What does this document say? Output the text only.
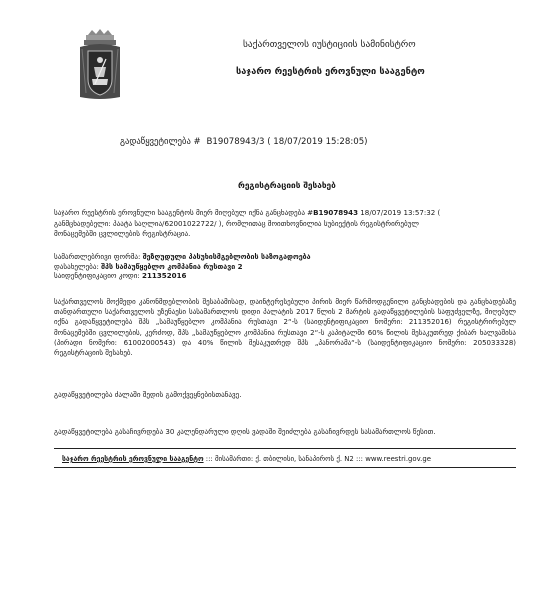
საქართველოს იუსტიციის სამინისტრო
საჯარო რეესტრის ეროვნული სააგენტო
გადაწყვეტილება # B19078943/3 ( 18/07/2019 15:28:05)
რეგისტრაციის შესახებ
საჯარო რეესტრის ეროვნული სააგენტოს მიერ მიღებულ იქნა განცხადება #B19078943 18/07/2019 13:57:32 (
განმცხადებელი: პაატა საღლია/62001022722/ ), რომლითაც მოითხოვნილია სუბიექტის რეგისტრირებულ
მონაცემებში ცვლილების რეგისტრაცია.
სამართლებრივი ფორმა: შეზღუდული პასუხისმგებლობის საზოგადოება
დასახელება: შპს სამაუწყებლო კომპანია რუსთავი 2
საიდენტიფიკაციო კოდი: 211352016
საქართველოს მოქმედი კანონმდებლობის შესაბამისად, დაინტერესებული პირის მიერ წარმოდგენილი განცხადების და განცხადებაზე თანდართული საქართველოს უზენაესი სასამართლოს დიდი პალატის 2017 წლის 2 მარტის გადაწყვეტილების საფუძველზე, მიღებულ იქნა გადაწყვეტილება შპს „სამაუწყებლო კომპანია რუსთავი 2“-ს (საიდენტიფიკაციო ნომერი: 211352016) რეგისტრირებულ მონაცემებში ცვლილების, კერძოდ, შპს „სამაუწყებლო კომპანია რუსთავი 2“-ს კაპიტალში 60% წილის მესაკუთრედ ქიბარ ხალვაშისა (პირადი ნომერი: 61002000543) და 40% წილის მესაკუთრედ შპს „პანორამა“-ს (საიდენტიფიკაციო ნომერი: 205033328) რეგისტრაციის შესახებ.
გადაწყვეტილება ძალაში შედის გამოქვეყნებისთანავე.
გადაწყვეტილება გასაჩივრდება 30 კალენდარული დღის ვადაში შეიძლება გასაჩივრდეს სასამართლოს წესით.
საჯარო რეესტრის ეროვნული სააგენტო ::: მისამართი: ქ. თბილისი, სანაპიროს ქ. N2 ::: www.reestri.gov.ge
